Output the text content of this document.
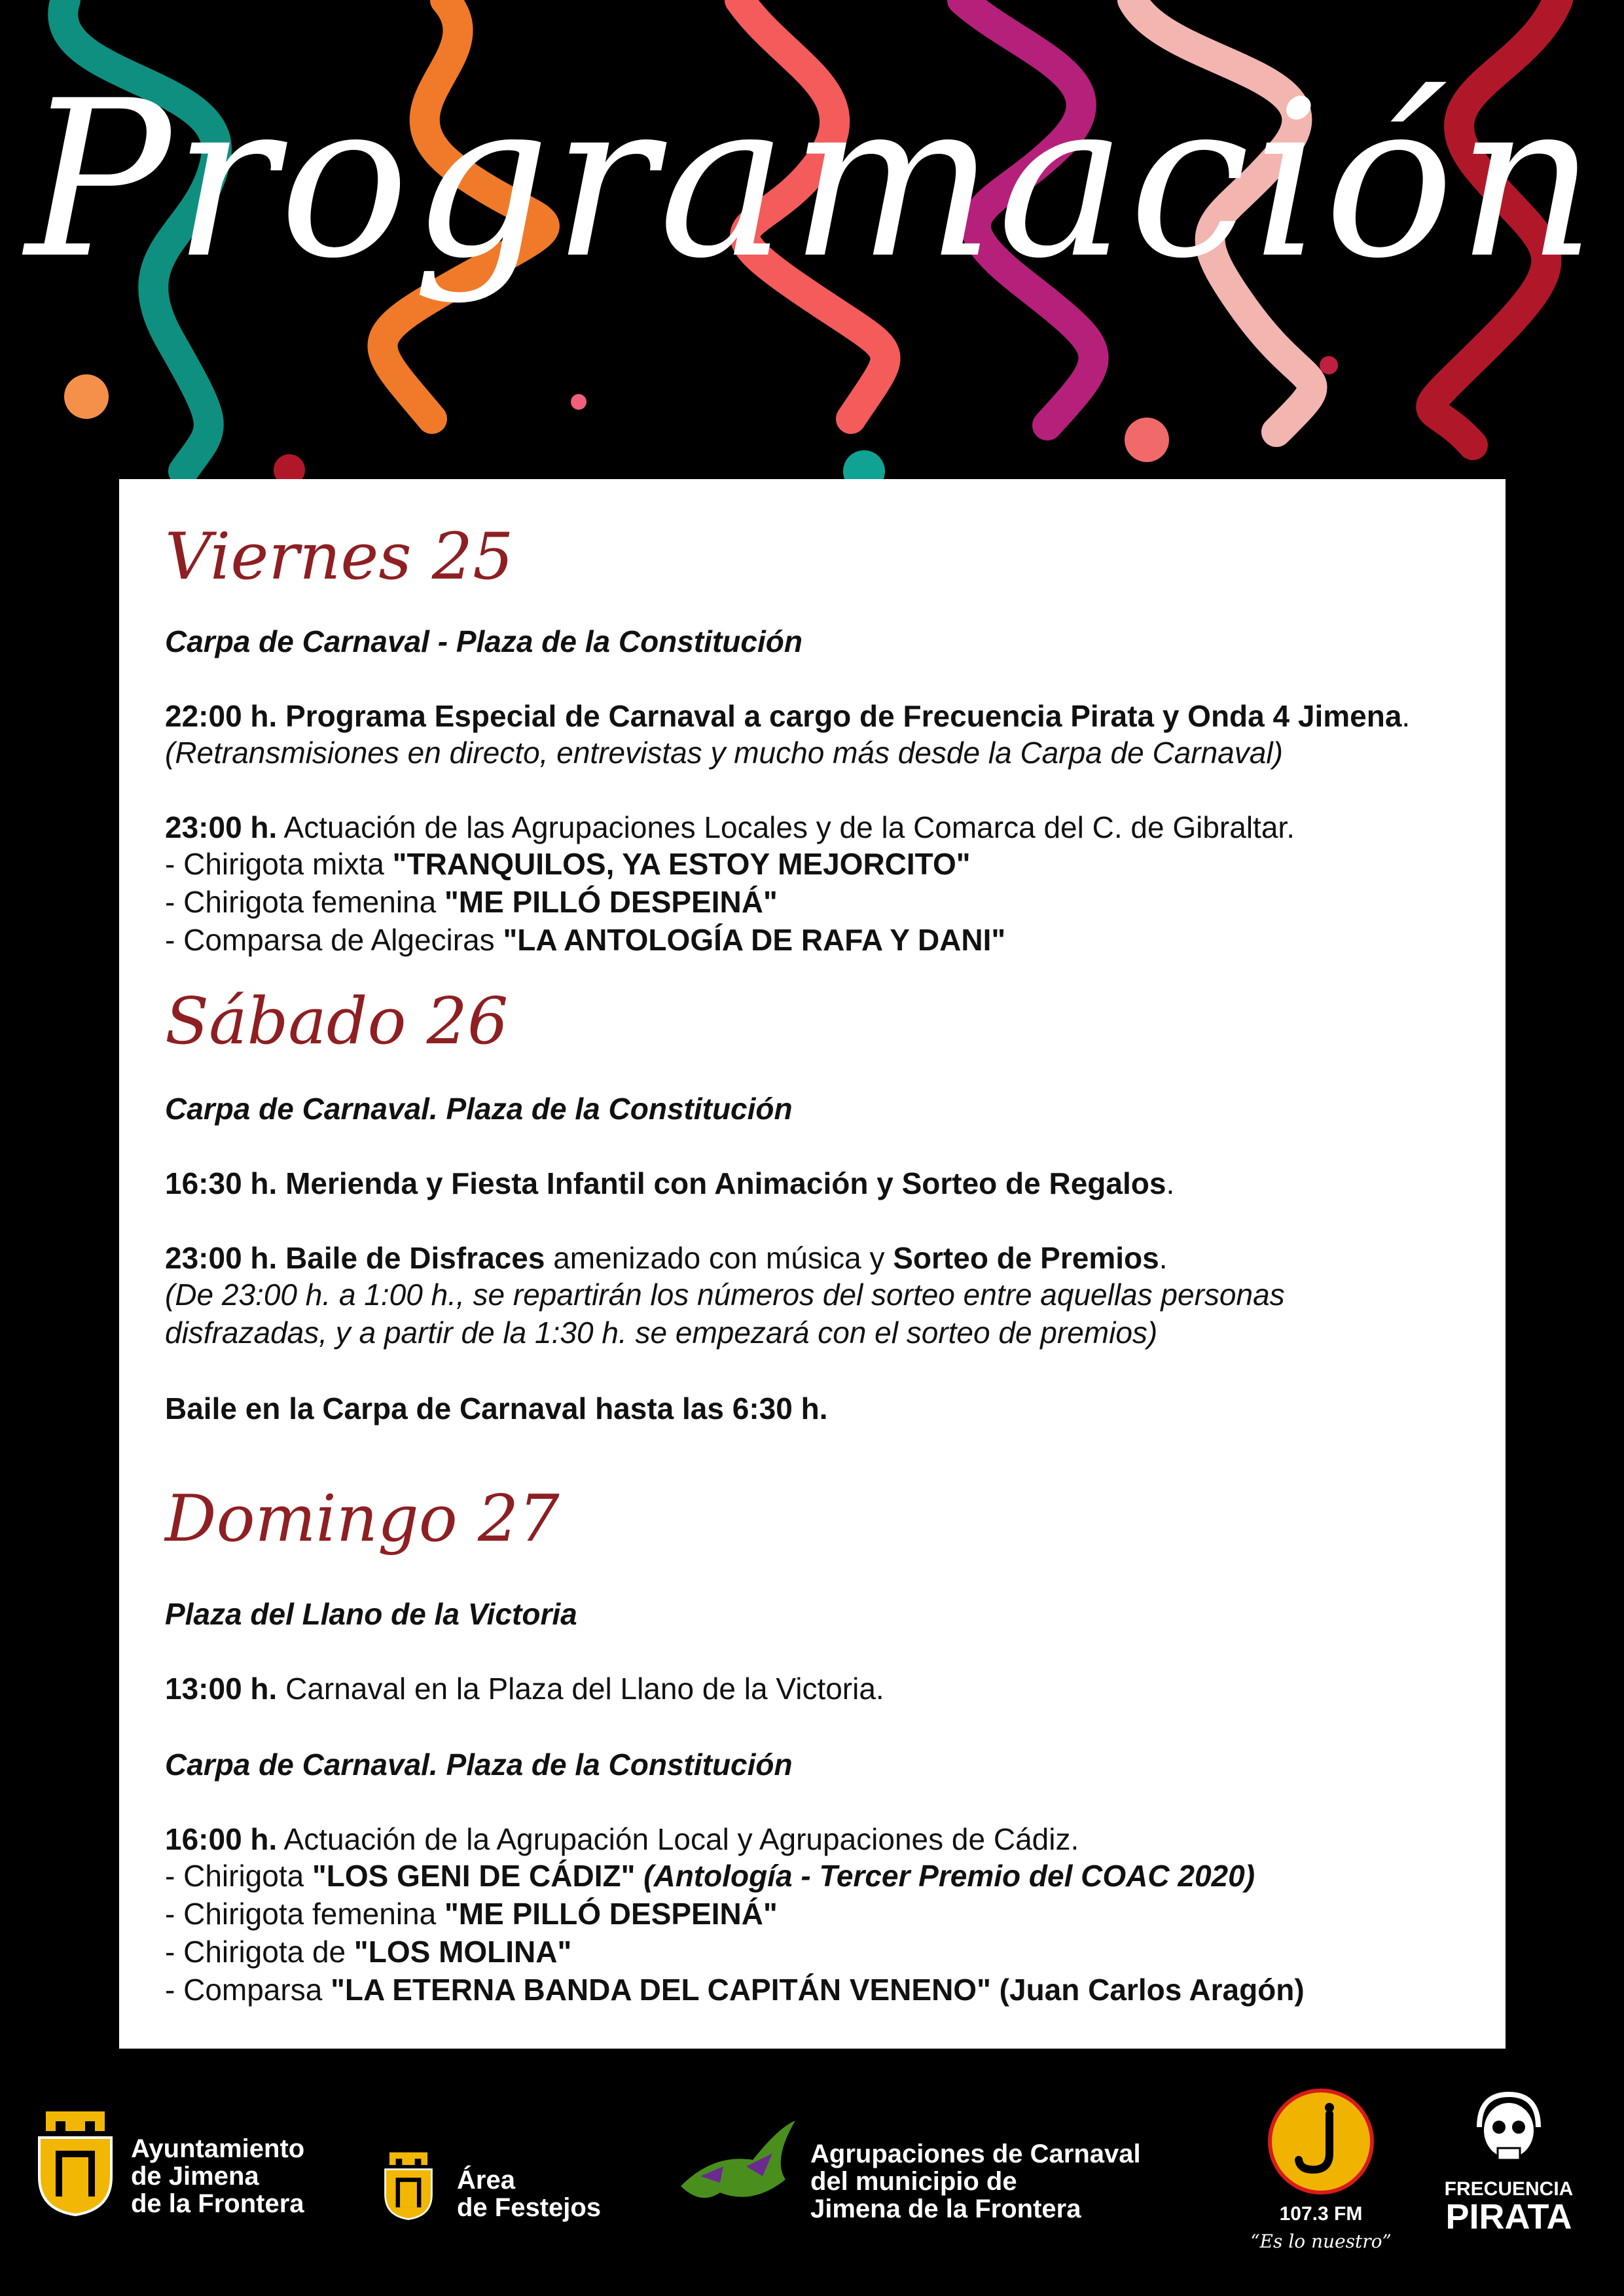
Programación
Viernes 25
Carpa de Carnaval - Plaza de la Constitución
22:00 h. Programa Especial de Carnaval a cargo de Frecuencia Pirata y Onda 4 Jimena.
(Retransmisiones en directo, entrevistas y mucho más desde la Carpa de Carnaval)
23:00 h. Actuación de las Agrupaciones Locales y de la Comarca del C. de Gibraltar.
- Chirigota mixta "TRANQUILOS, YA ESTOY MEJORCITO"
- Chirigota femenina "ME PILLÓ DESPEINÁ"
- Comparsa de Algeciras "LA ANTOLOGÍA DE RAFA Y DANI"
Sábado 26
Carpa de Carnaval. Plaza de la Constitución
16:30 h. Merienda y Fiesta Infantil con Animación y Sorteo de Regalos.
23:00 h. Baile de Disfraces amenizado con música y Sorteo de Premios.
(De 23:00 h. a 1:00 h., se repartirán los números del sorteo entre aquellas personas
disfrazadas, y a partir de la 1:30 h. se empezará con el sorteo de premios)
Baile en la Carpa de Carnaval hasta las 6:30 h.
Domingo 27
Plaza del Llano de la Victoria
13:00 h. Carnaval en la Plaza del Llano de la Victoria.
Carpa de Carnaval. Plaza de la Constitución
16:00 h. Actuación de la Agrupación Local y Agrupaciones de Cádiz.
- Chirigota "LOS GENI DE CÁDIZ" (Antología - Tercer Premio del COAC 2020)
- Chirigota femenina "ME PILLÓ DESPEINÁ"
- Chirigota de "LOS MOLINA"
- Comparsa "LA ETERNA BANDA DEL CAPITÁN VENENO" (Juan Carlos Aragón)
Ayuntamiento
de Jimena
de la Frontera
Área
de Festejos
Agrupaciones de Carnaval
del municipio de
Jimena de la Frontera	107.3 FM
“Es lo nuestro”
FRECUENCIA
PIRATA
